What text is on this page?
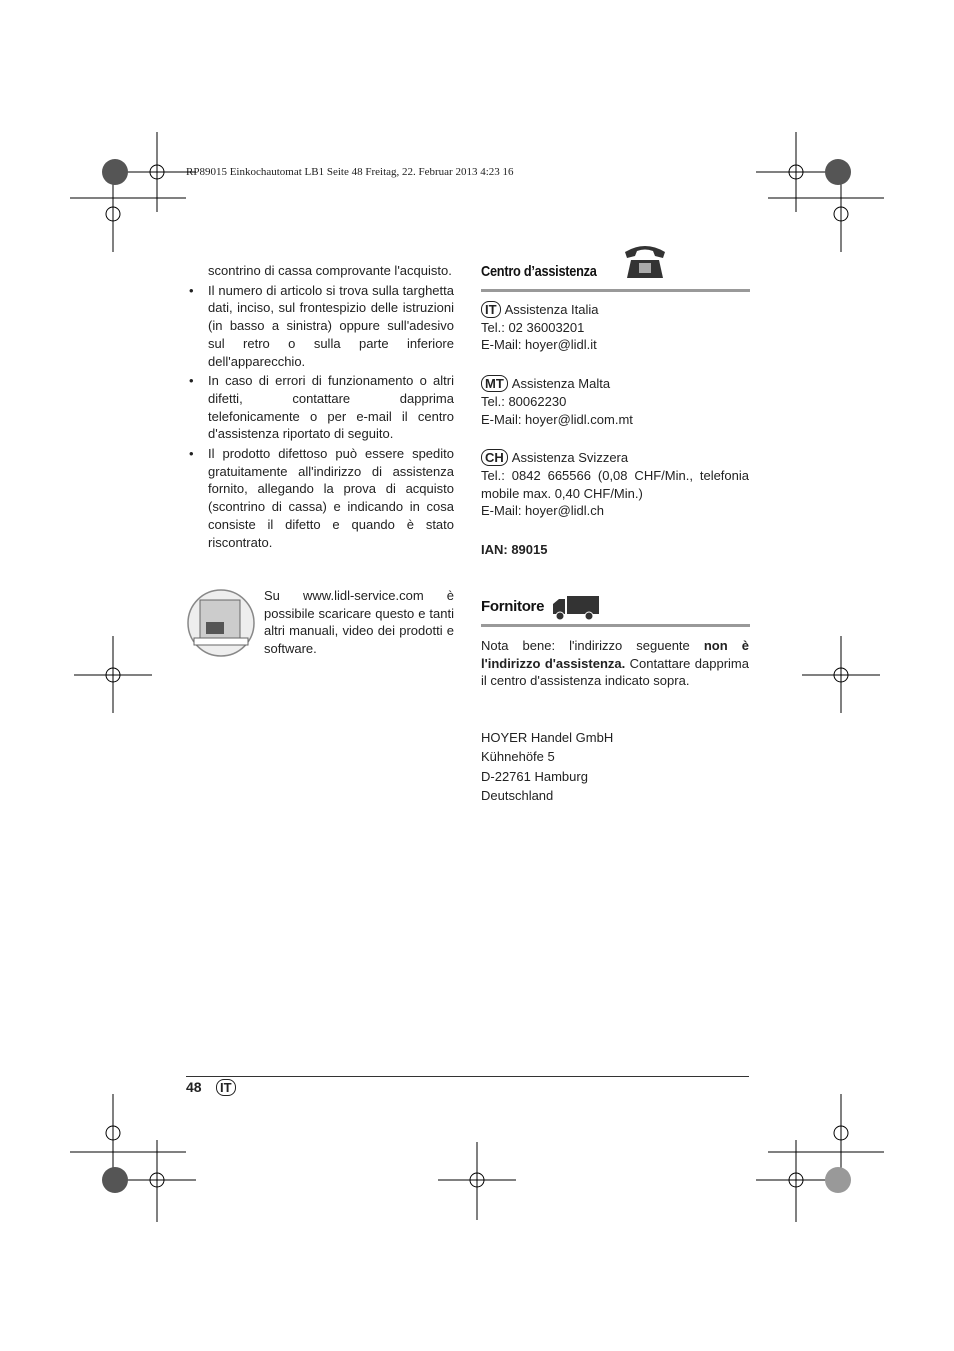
RP89015 Einkochautomat LB1 Seite 48 Freitag, 22. Februar 2013 4:23 16
scontrino di cassa comprovante l'acquisto.
• Il numero di articolo si trova sulla targhetta dati, inciso, sul frontespizio delle istruzioni (in basso a sinistra) oppure sull'adesivo sul retro o sulla parte inferiore dell'apparecchio.
• In caso di errori di funzionamento o altri difetti, contattare dapprima telefonicamente o per e-mail il centro d'assistenza riportato di seguito.
• Il prodotto difettoso può essere spedito gratuitamente all'indirizzo di assistenza fornito, allegando la prova di acquisto (scontrino di cassa) e indicando in cosa consiste il difetto e quando è stato riscontrato.
Su www.lidl-service.com è possibile scaricare questo e tanti altri manuali, video dei prodotti e software.
Centro d’assistenza
IT Assistenza Italia
Tel.: 02 36003201
E-Mail: hoyer@lidl.it
MT Assistenza Malta
Tel.: 80062230
E-Mail: hoyer@lidl.com.mt
CH Assistenza Svizzera
Tel.: 0842 665566 (0,08 CHF/Min., telefonia mobile max. 0,40 CHF/Min.)
E-Mail: hoyer@lidl.ch
IAN: 89015
Fornitore
Nota bene: l'indirizzo seguente non è l'indirizzo d'assistenza. Contattare dapprima il centro d'assistenza indicato sopra.
HOYER Handel GmbH
Kühnehöfe 5
D-22761 Hamburg
Deutschland
48	IT
